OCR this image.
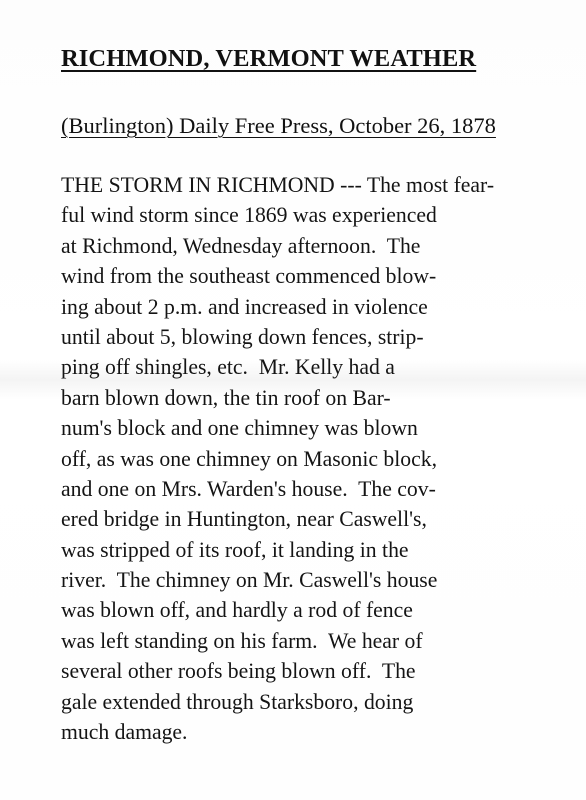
RICHMOND, VERMONT WEATHER

(Burlington) Daily Free Press, October 26, 1878

THE STORM IN RICHMOND --- The most fear-
ful wind storm since 1869 was experienced
at Richmond, Wednesday afternoon.  The
wind from the southeast commenced blow-
ing about 2 p.m. and increased in violence
until about 5, blowing down fences, strip-
ping off shingles, etc.  Mr. Kelly had a
barn blown down, the tin roof on Bar-
num's block and one chimney was blown
off, as was one chimney on Masonic block,
and one on Mrs. Warden's house.  The cov-
ered bridge in Huntington, near Caswell's,
was stripped of its roof, it landing in the
river.  The chimney on Mr. Caswell's house
was blown off, and hardly a rod of fence
was left standing on his farm.  We hear of
several other roofs being blown off.  The
gale extended through Starksboro, doing
much damage.
